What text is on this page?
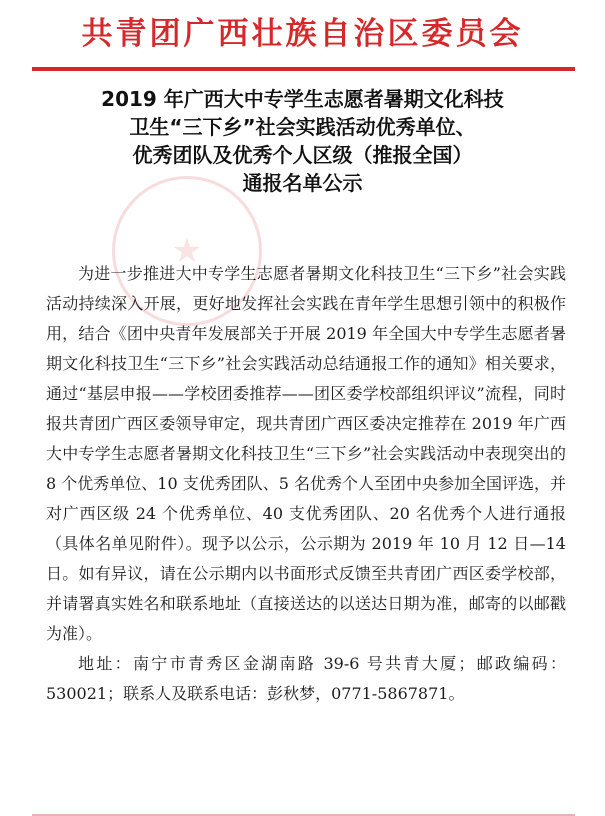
共青团广西壮族自治区委员会
★
2019 年广西大中专学生志愿者暑期文化科技
卫生“三下乡”社会实践活动优秀单位、
优秀团队及优秀个人区级（推报全国）
通报名单公示

为进一步推进大中专学生志愿者暑期文化科技卫生“三下乡”社会实践活动持续深入开展，更好地发挥社会实践在青年学生思想引领中的积极作用，结合《团中央青年发展部关于开展 2019 年全国大中专学生志愿者暑期文化科技卫生“三下乡”社会实践活动总结通报工作的通知》相关要求，通过“基层申报——学校团委推荐——团区委学校部组织评议”流程，同时报共青团广西区委领导审定，现共青团广西区委决定推荐在 2019 年广西大中专学生志愿者暑期文化科技卫生“三下乡”社会实践活动中表现突出的 8 个优秀单位、10 支优秀团队、5 名优秀个人至团中央参加全国评选，并对广西区级 24 个优秀单位、40 支优秀团队、20 名优秀个人进行通报（具体名单见附件）。现予以公示，公示期为 2019 年 10 月 12 日—14 日。如有异议，请在公示期内以书面形式反馈至共青团广西区委学校部，并请署真实姓名和联系地址（直接送达的以送达日期为准，邮寄的以邮戳为准）。

地址：南宁市青秀区金湖南路 39-6 号共青大厦；邮政编码：530021；联系人及联系电话：彭秋梦，0771-5867871。
